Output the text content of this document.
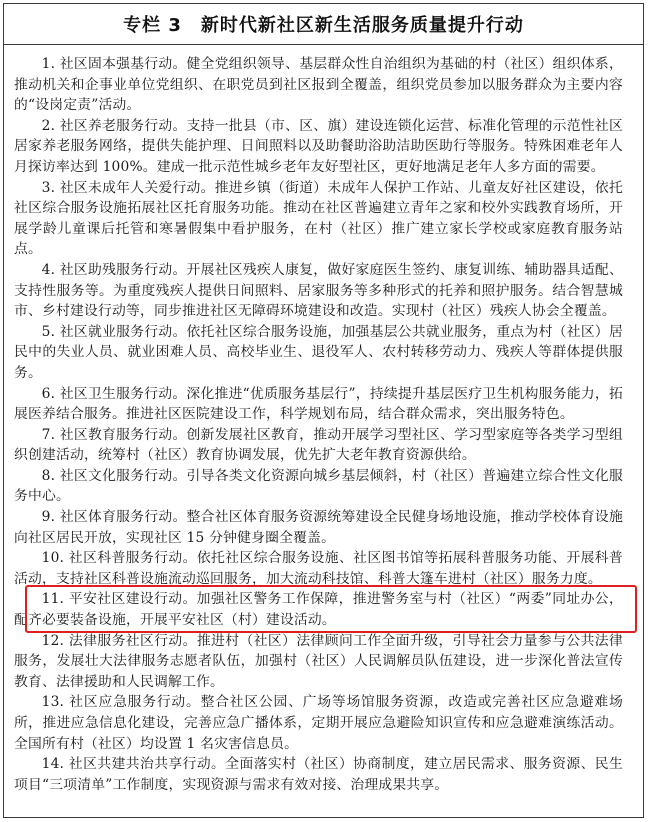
专栏 3　新时代新社区新生活服务质量提升行动

1. 社区固本强基行动。健全党组织领导、基层群众性自治组织为基础的村（社区）组织体系，推动机关和企事业单位党组织、在职党员到社区报到全覆盖，组织党员参加以服务群众为主要内容的“设岗定责”活动。

2. 社区养老服务行动。支持一批县（市、区、旗）建设连锁化运营、标准化管理的示范性社区居家养老服务网络，提供失能护理、日间照料以及助餐助浴助洁助医助行等服务。特殊困难老年人月探访率达到 100%。建成一批示范性城乡老年友好型社区，更好地满足老年人多方面的需要。

3. 社区未成年人关爱行动。推进乡镇（街道）未成年人保护工作站、儿童友好社区建设，依托社区综合服务设施拓展社区托育服务功能。推动在社区普遍建立青年之家和校外实践教育场所，开展学龄儿童课后托管和寒暑假集中看护服务，在村（社区）推广建立家长学校或家庭教育服务站点。

4. 社区助残服务行动。开展社区残疾人康复，做好家庭医生签约、康复训练、辅助器具适配、支持性服务等。为重度残疾人提供日间照料、居家服务等多种形式的托养和照护服务。结合智慧城市、乡村建设行动等，同步推进社区无障碍环境建设和改造。实现村（社区）残疾人协会全覆盖。

5. 社区就业服务行动。依托社区综合服务设施，加强基层公共就业服务，重点为村（社区）居民中的失业人员、就业困难人员、高校毕业生、退役军人、农村转移劳动力、残疾人等群体提供服务。

6. 社区卫生服务行动。深化推进“优质服务基层行”，持续提升基层医疗卫生机构服务能力，拓展医养结合服务。推进社区医院建设工作，科学规划布局，结合群众需求，突出服务特色。

7. 社区教育服务行动。创新发展社区教育，推动开展学习型社区、学习型家庭等各类学习型组织创建活动，统筹村（社区）教育协调发展，优先扩大老年教育资源供给。

8. 社区文化服务行动。引导各类文化资源向城乡基层倾斜，村（社区）普遍建立综合性文化服务中心。

9. 社区体育服务行动。整合社区体育服务资源统筹建设全民健身场地设施，推动学校体育设施向社区居民开放，实现社区 15 分钟健身圈全覆盖。

10. 社区科普服务行动。依托社区综合服务设施、社区图书馆等拓展科普服务功能、开展科普活动，支持社区科普设施流动巡回服务，加大流动科技馆、科普大篷车进村（社区）服务力度。

11. 平安社区建设行动。加强社区警务工作保障，推进警务室与村（社区）“两委”同址办公，配齐必要装备设施，开展平安社区（村）建设活动。

12. 法律服务社区行动。推进村（社区）法律顾问工作全面升级，引导社会力量参与公共法律服务，发展壮大法律服务志愿者队伍，加强村（社区）人民调解员队伍建设，进一步深化普法宣传教育、法律援助和人民调解工作。

13. 社区应急服务行动。整合社区公园、广场等场馆服务资源，改造或完善社区应急避难场所，推进应急信息化建设，完善应急广播体系，定期开展应急避险知识宣传和应急避难演练活动。全国所有村（社区）均设置 1 名灾害信息员。

14. 社区共建共治共享行动。全面落实村（社区）协商制度，建立居民需求、服务资源、民生项目“三项清单”工作制度，实现资源与需求有效对接、治理成果共享。
